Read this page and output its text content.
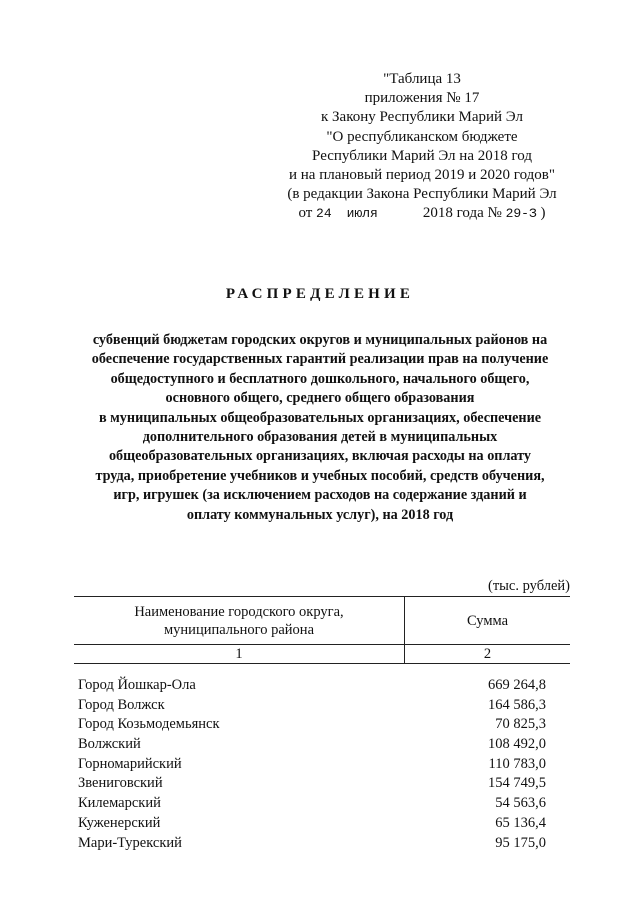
"Таблица 13
приложения № 17
к Закону Республики Марий Эл
"О республиканском бюджете
Республики Марий Эл на 2018 год
и на плановый период 2019 и 2020 годов"
(в редакции Закона Республики Марий Эл
от 24 июля	2018 года № 29-З )
РАСПРЕДЕЛЕНИЕ
субвенций бюджетам городских округов и муниципальных районов на
обеспечение государственных гарантий реализации прав на получение
общедоступного и бесплатного дошкольного, начального общего,
основного общего, среднего общего образования
в муниципальных общеобразовательных организациях, обеспечение
дополнительного образования детей в муниципальных
общеобразовательных организациях, включая расходы на оплату
труда, приобретение учебников и учебных пособий, средств обучения,
игр, игрушек (за исключением расходов на содержание зданий и
оплату коммунальных услуг), на 2018 год
(тыс. рублей)
Наименование городского округа,
муниципального района	Сумма
1	2
Город Йошкар-Ола	669 264,8
Город Волжск	164 586,3
Город Козьмодемьянск	70 825,3
Волжский	108 492,0
Горномарийский	110 783,0
Звениговский	154 749,5
Килемарский	54 563,6
Куженерский	65 136,4
Мари-Турекский	95 175,0
